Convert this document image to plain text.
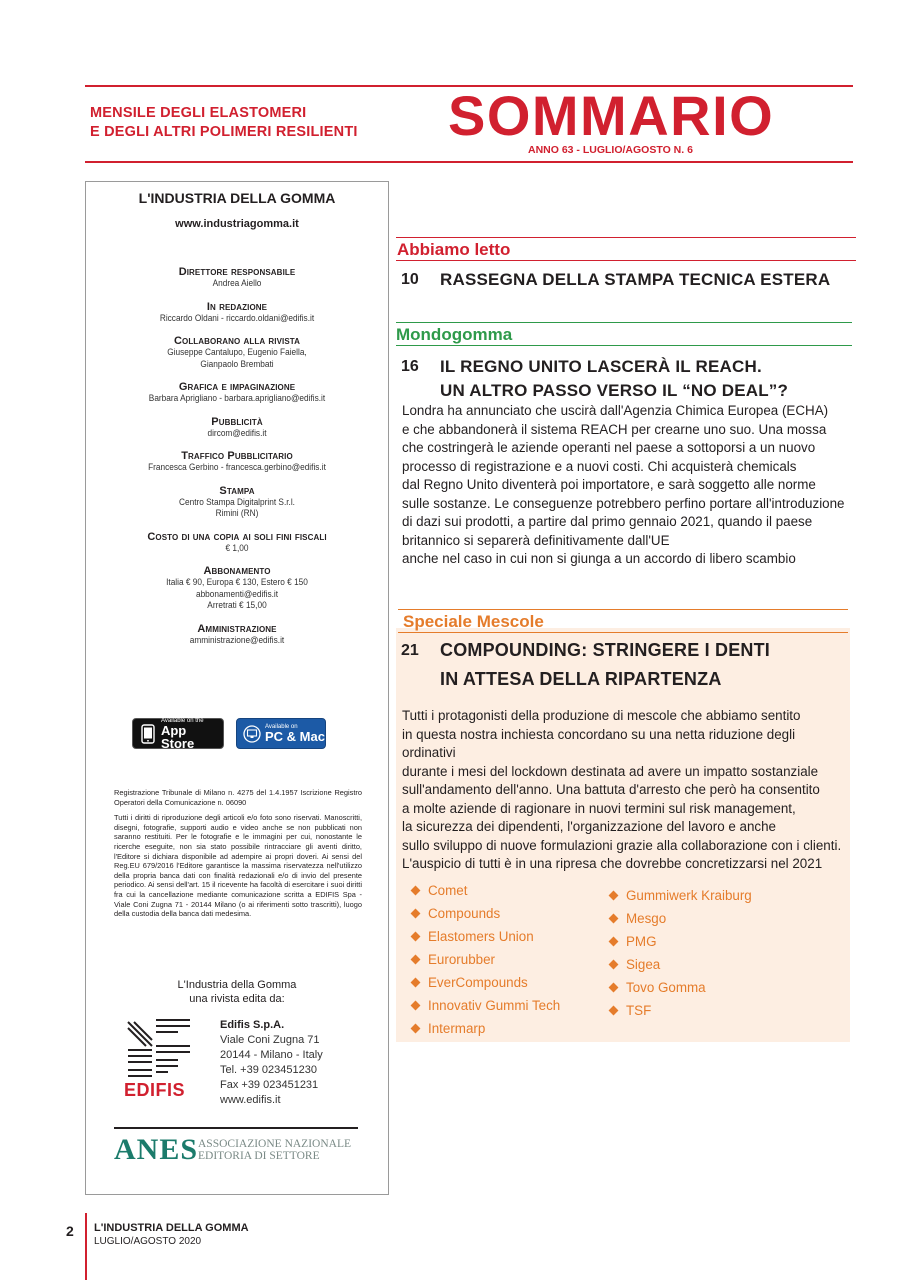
MENSILE DEGLI ELASTOMERI
E DEGLI ALTRI POLIMERI RESILIENTI	SOMMARIO
ANNO 63 - LUGLIO/AGOSTO N. 6
L'INDUSTRIA DELLA GOMMA
www.industriagomma.it
Direttore responsabile
Andrea Aiello
In redazione
Riccardo Oldani - riccardo.oldani@edifis.it
Collaborano alla rivista
Giuseppe Cantalupo, Eugenio Faiella,
Gianpaolo Brembati
Grafica e impaginazione
Barbara Aprigliano - barbara.aprigliano@edifis.it
Pubblicità
dircom@edifis.it
Traffico Pubblicitario
Francesca Gerbino - francesca.gerbino@edifis.it
Stampa
Centro Stampa Digitalprint S.r.l.
Rimini (RN)
Costo di una copia ai soli fini fiscali
€ 1,00
Abbonamento
Italia € 90, Europa € 130, Estero € 150
abbonamenti@edifis.it
Arretrati € 15,00
Amministrazione
amministrazione@edifis.it
Available on the
App Store
Available on
PC & Mac

Registrazione Tribunale di Milano n. 4275 del 1.4.1957 Iscrizione Registro Operatori della Comunicazione n. 06090

Tutti i diritti di riproduzione degli articoli e/o foto sono riservati. Manoscritti, disegni, fotografie, supporti audio e video anche se non pubblicati non saranno restituiti. Per le fotografie e le immagini per cui, nonostante le ricerche eseguite, non sia stato possibile rintracciare gli aventi diritto, l'Editore si dichiara disponibile ad adempire ai propri doveri. Ai sensi del Reg.EU 679/2016 l'Editore garantisce la massima riservatezza nell'utilizzo della propria banca dati con finalità redazionali e/o di invio del presente periodico. Ai sensi dell'art. 15 il ricevente ha facoltà di esercitare i suoi diritti fra cui la cancellazione mediante comunicazione scritta a EDIFIS Spa - Viale Coni Zugna 71 - 20144 Milano (o ai riferimenti sotto trascritti), luogo della custodia della banca dati medesima.

L'Industria della Gomma
una rivista edita da:
EDIFIS
Edifis S.p.A.
Viale Coni Zugna 71
20144 - Milano - Italy
Tel. +39 023451230
Fax +39 023451231
www.edifis.it
ANES ASSOCIAZIONE NAZIONALE
EDITORIA DI SETTORE
Abbiamo letto
10 RASSEGNA DELLA STAMPA TECNICA ESTERA
Mondogomma
16 IL REGNO UNITO LASCERÀ IL REACH.
UN ALTRO PASSO VERSO IL “NO DEAL”?
Londra ha annunciato che uscirà dall'Agenzia Chimica Europea (ECHA)
e che abbandonerà il sistema REACH per crearne uno suo. Una mossa
che costringerà le aziende operanti nel paese a sottoporsi a un nuovo
processo di registrazione e a nuovi costi. Chi acquisterà chemicals
dal Regno Unito diventerà poi importatore, e sarà soggetto alle norme
sulle sostanze. Le conseguenze potrebbero perfino portare all'introduzione
di dazi sui prodotti, a partire dal primo gennaio 2021, quando il paese
britannico si separerà definitivamente dall'UE
anche nel caso in cui non si giunga a un accordo di libero scambio
Speciale Mescole
21 COMPOUNDING: STRINGERE I DENTI
IN ATTESA DELLA RIPARTENZA
Tutti i protagonisti della produzione di mescole che abbiamo sentito
in questa nostra inchiesta concordano su una netta riduzione degli ordinativi
durante i mesi del lockdown destinata ad avere un impatto sostanziale
sull'andamento dell'anno. Una battuta d'arresto che però ha consentito
a molte aziende di ragionare in nuovi termini sul risk management,
la sicurezza dei dipendenti, l'organizzazione del lavoro e anche
sullo sviluppo di nuove formulazioni grazie alla collaborazione con i clienti.
L'auspicio di tutti è in una ripresa che dovrebbe concretizzarsi nel 2021
Comet
Compounds
Elastomers Union
Eurorubber
EverCompounds
Innovativ Gummi Tech
Intermarp
Gummiwerk Kraiburg
Mesgo
PMG
Sigea
Tovo Gomma
TSF
2 L'INDUSTRIA DELLA GOMMA
LUGLIO/AGOSTO 2020
